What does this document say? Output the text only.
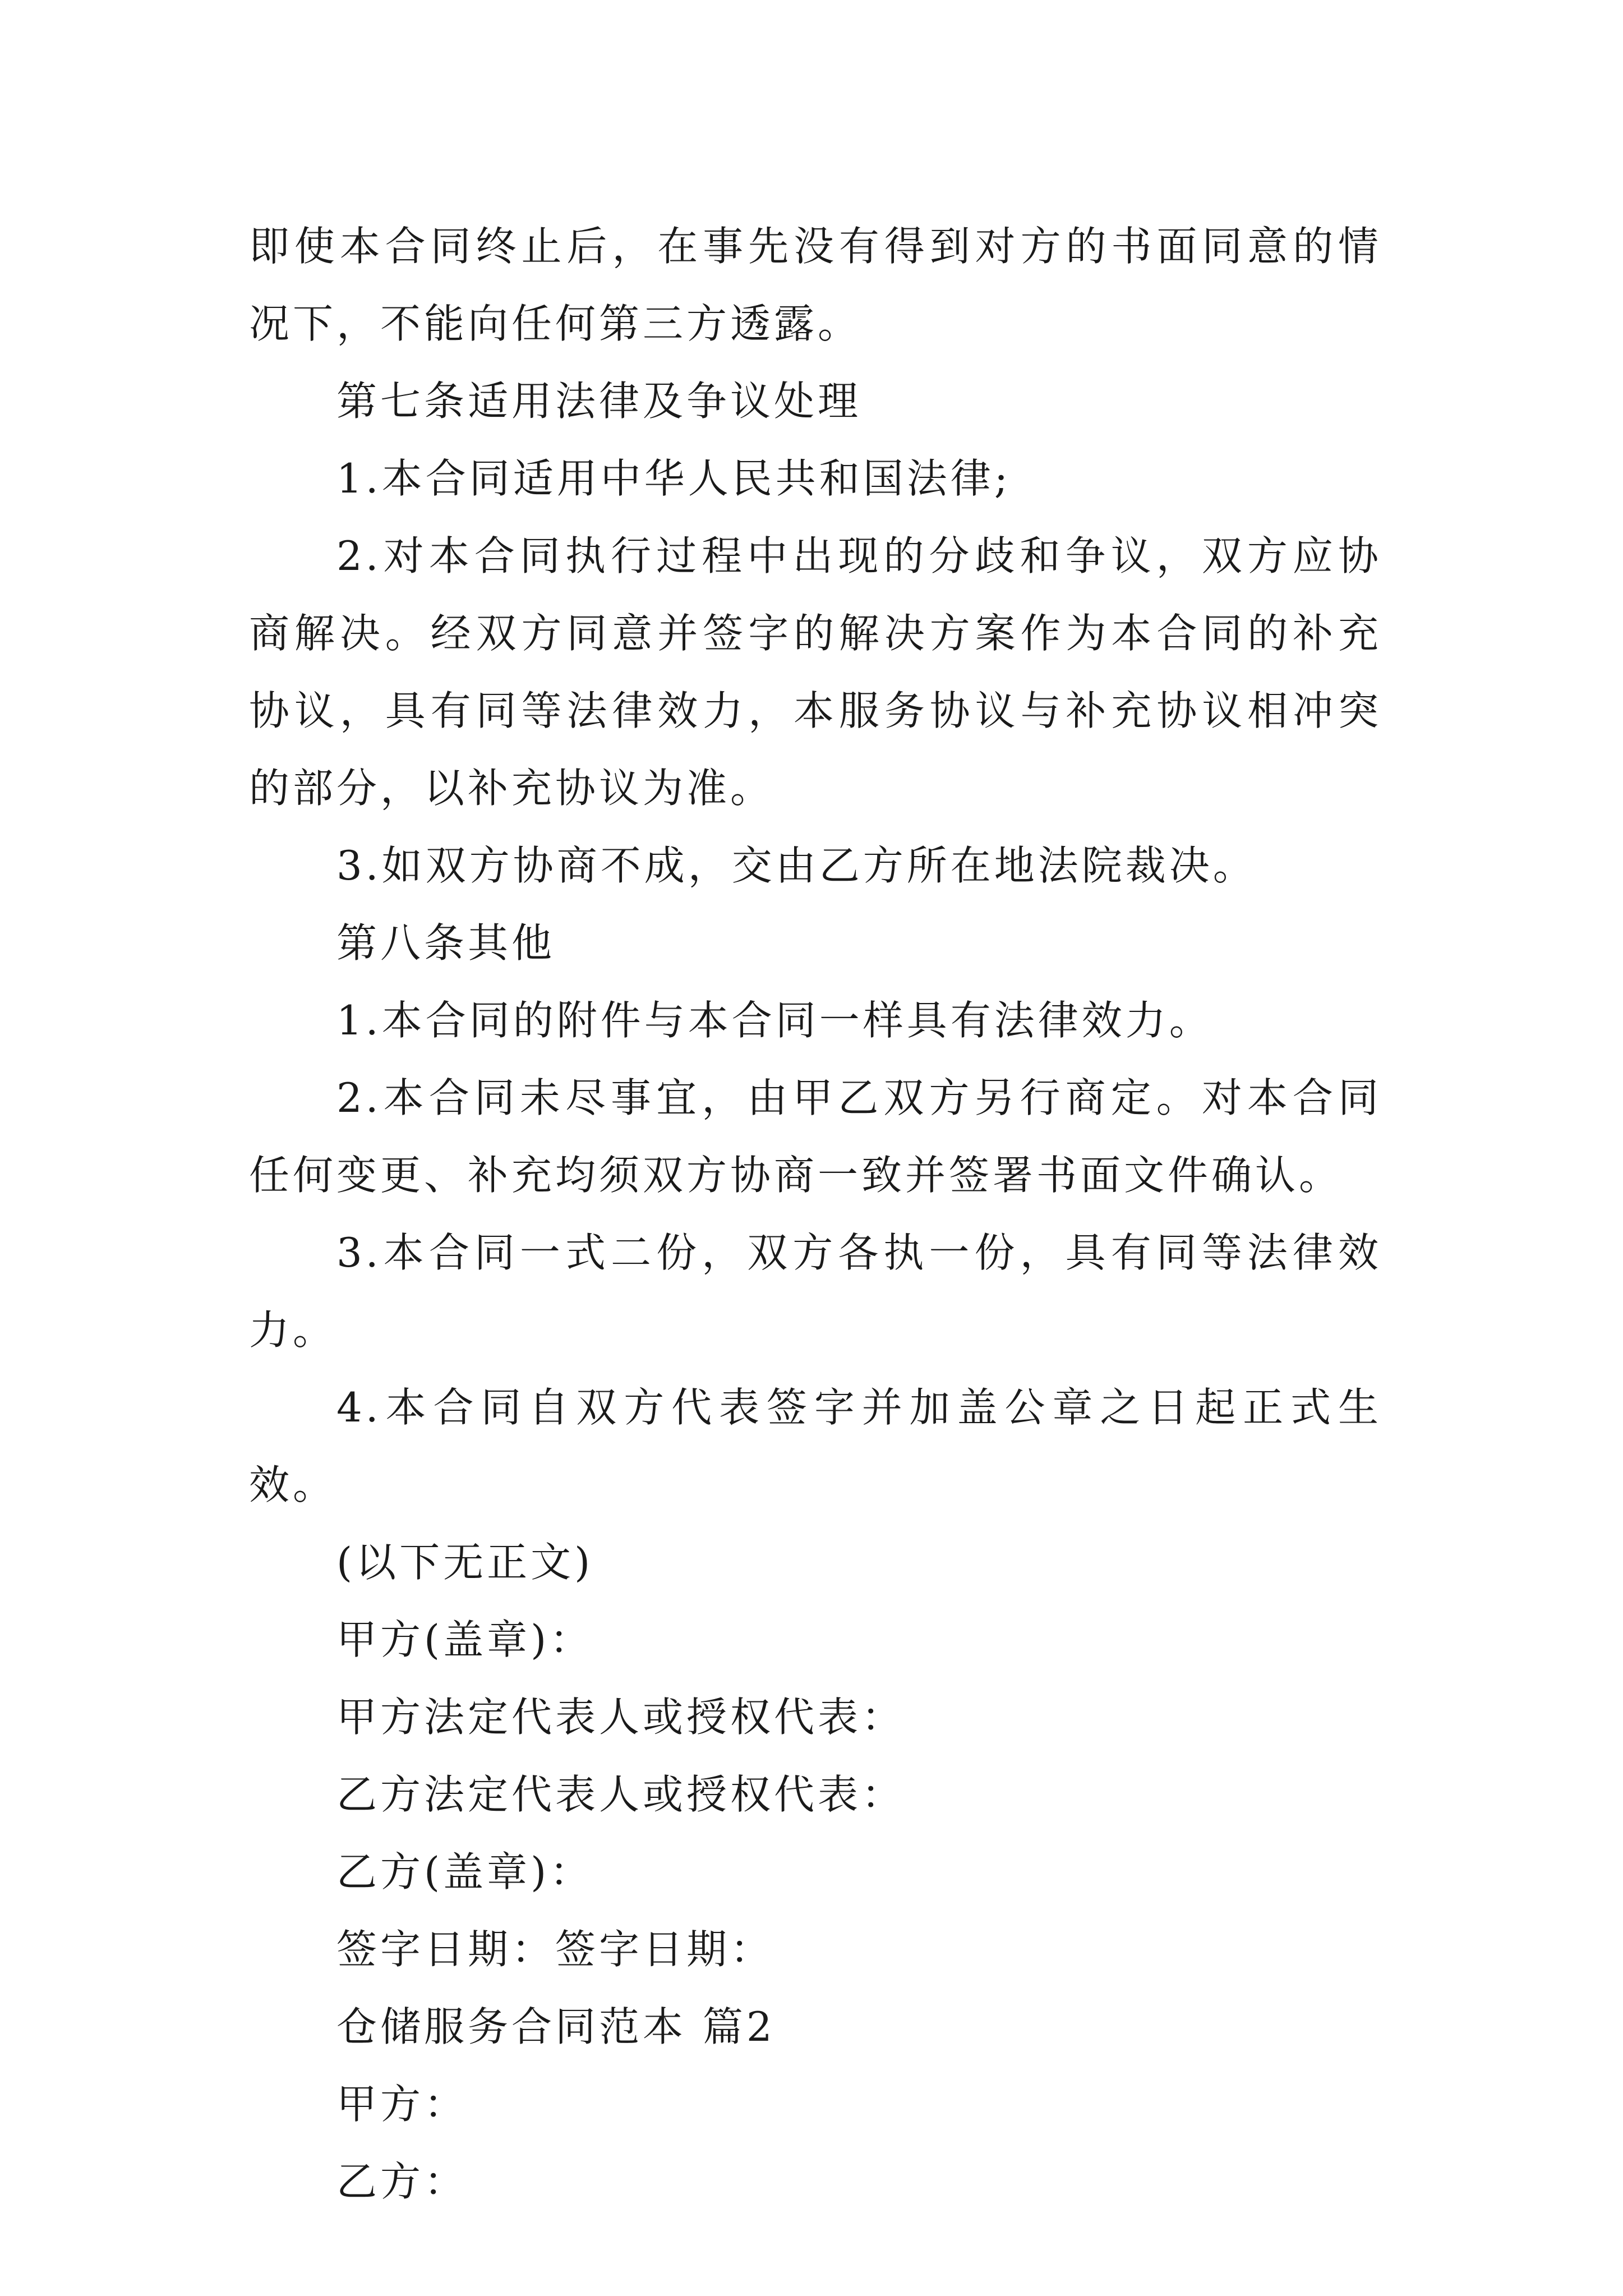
即使本合同终止后，在事先没有得到对方的书面同意的情况下，不能向任何第三方透露。

第七条适用法律及争议处理

1.本合同适用中华人民共和国法律;

2.对本合同执行过程中出现的分歧和争议，双方应协商解决。经双方同意并签字的解决方案作为本合同的补充协议，具有同等法律效力，本服务协议与补充协议相冲突的部分，以补充协议为准。

3.如双方协商不成，交由乙方所在地法院裁决。

第八条其他

1.本合同的附件与本合同一样具有法律效力。

2.本合同未尽事宜，由甲乙双方另行商定。对本合同任何变更、补充均须双方协商一致并签署书面文件确认。

3.本合同一式二份，双方各执一份，具有同等法律效力。

4.本合同自双方代表签字并加盖公章之日起正式生效。

(以下无正文)

甲方(盖章)：

甲方法定代表人或授权代表：

乙方法定代表人或授权代表：

乙方(盖章)：

签字日期：签字日期：

仓储服务合同范本 篇2

甲方：

乙方：
